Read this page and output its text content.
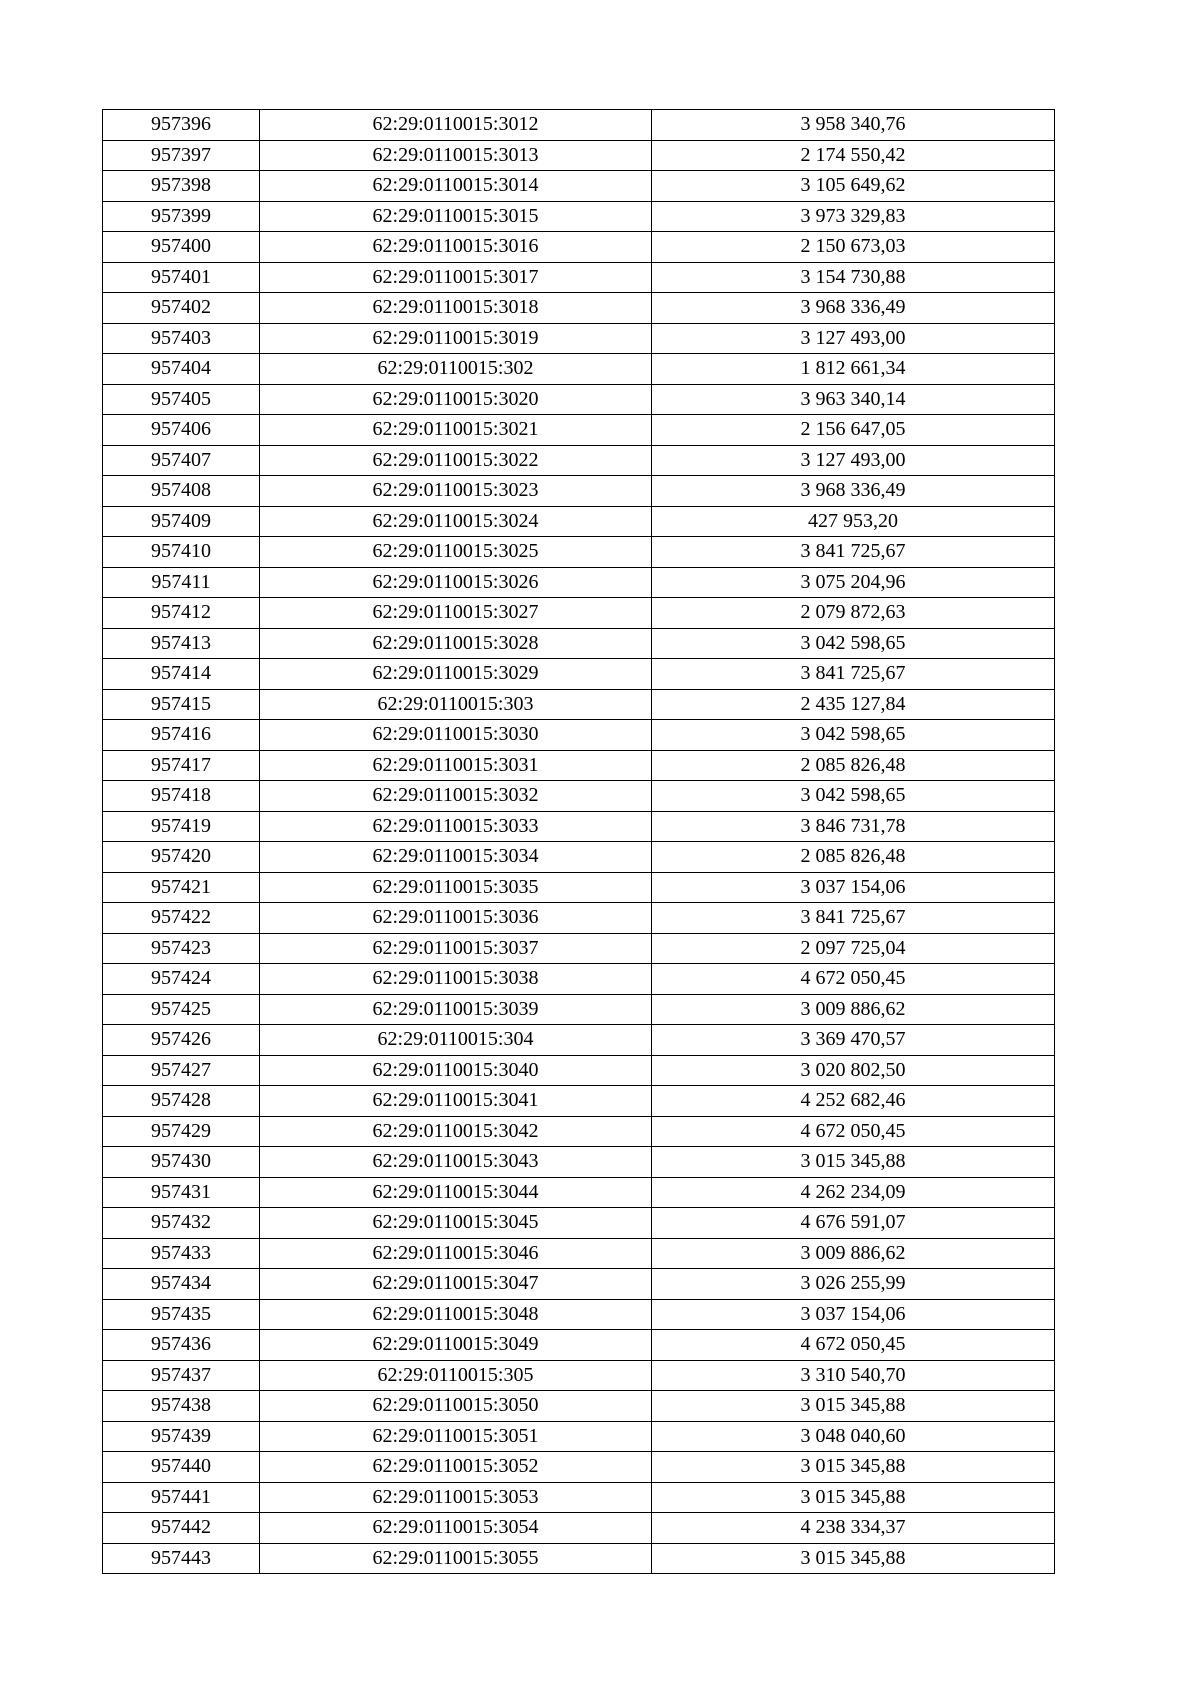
957396	62:29:0110015:3012	3 958 340,76
957397	62:29:0110015:3013	2 174 550,42
957398	62:29:0110015:3014	3 105 649,62
957399	62:29:0110015:3015	3 973 329,83
957400	62:29:0110015:3016	2 150 673,03
957401	62:29:0110015:3017	3 154 730,88
957402	62:29:0110015:3018	3 968 336,49
957403	62:29:0110015:3019	3 127 493,00
957404	62:29:0110015:302	1 812 661,34
957405	62:29:0110015:3020	3 963 340,14
957406	62:29:0110015:3021	2 156 647,05
957407	62:29:0110015:3022	3 127 493,00
957408	62:29:0110015:3023	3 968 336,49
957409	62:29:0110015:3024	427 953,20
957410	62:29:0110015:3025	3 841 725,67
957411	62:29:0110015:3026	3 075 204,96
957412	62:29:0110015:3027	2 079 872,63
957413	62:29:0110015:3028	3 042 598,65
957414	62:29:0110015:3029	3 841 725,67
957415	62:29:0110015:303	2 435 127,84
957416	62:29:0110015:3030	3 042 598,65
957417	62:29:0110015:3031	2 085 826,48
957418	62:29:0110015:3032	3 042 598,65
957419	62:29:0110015:3033	3 846 731,78
957420	62:29:0110015:3034	2 085 826,48
957421	62:29:0110015:3035	3 037 154,06
957422	62:29:0110015:3036	3 841 725,67
957423	62:29:0110015:3037	2 097 725,04
957424	62:29:0110015:3038	4 672 050,45
957425	62:29:0110015:3039	3 009 886,62
957426	62:29:0110015:304	3 369 470,57
957427	62:29:0110015:3040	3 020 802,50
957428	62:29:0110015:3041	4 252 682,46
957429	62:29:0110015:3042	4 672 050,45
957430	62:29:0110015:3043	3 015 345,88
957431	62:29:0110015:3044	4 262 234,09
957432	62:29:0110015:3045	4 676 591,07
957433	62:29:0110015:3046	3 009 886,62
957434	62:29:0110015:3047	3 026 255,99
957435	62:29:0110015:3048	3 037 154,06
957436	62:29:0110015:3049	4 672 050,45
957437	62:29:0110015:305	3 310 540,70
957438	62:29:0110015:3050	3 015 345,88
957439	62:29:0110015:3051	3 048 040,60
957440	62:29:0110015:3052	3 015 345,88
957441	62:29:0110015:3053	3 015 345,88
957442	62:29:0110015:3054	4 238 334,37
957443	62:29:0110015:3055	3 015 345,88
